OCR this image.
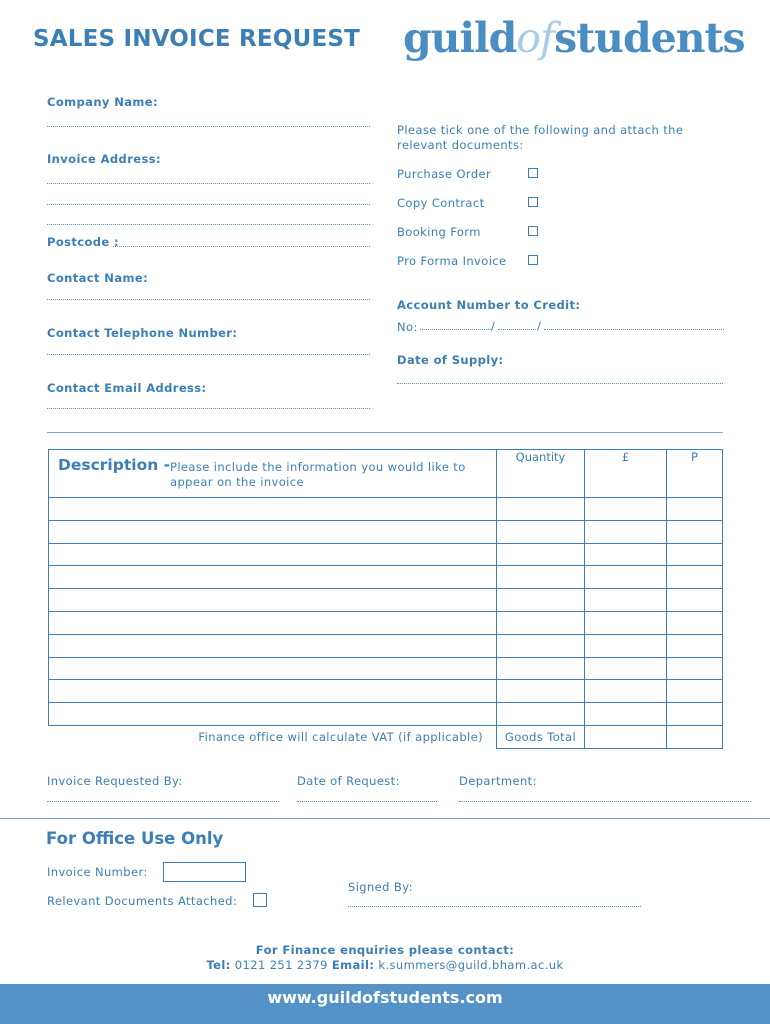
SALES INVOICE REQUEST guildofstudents
Company Name:
Invoice Address:
Postcode :
Contact Name:
Contact Telephone Number:
Contact Email Address:
Please tick one of the following and attach the
relevant documents:
Purchase Order
Copy Contract
Booking Form
Pro Forma Invoice
Account Number to Credit:
No:	/	/
Date of Supply:
Description - Please include the information you would like to
appear on the invoice	Quantity	£	P

Finance office will calculate VAT (if applicable)	Goods Total		
Invoice Requested By:	Date of Request:	Department:
For Office Use Only
Invoice Number:
Relevant Documents Attached:
Signed By:
For Finance enquiries please contact:
Tel: 0121 251 2379 Email: k.summers@guild.bham.ac.uk
www.guildofstudents.com
